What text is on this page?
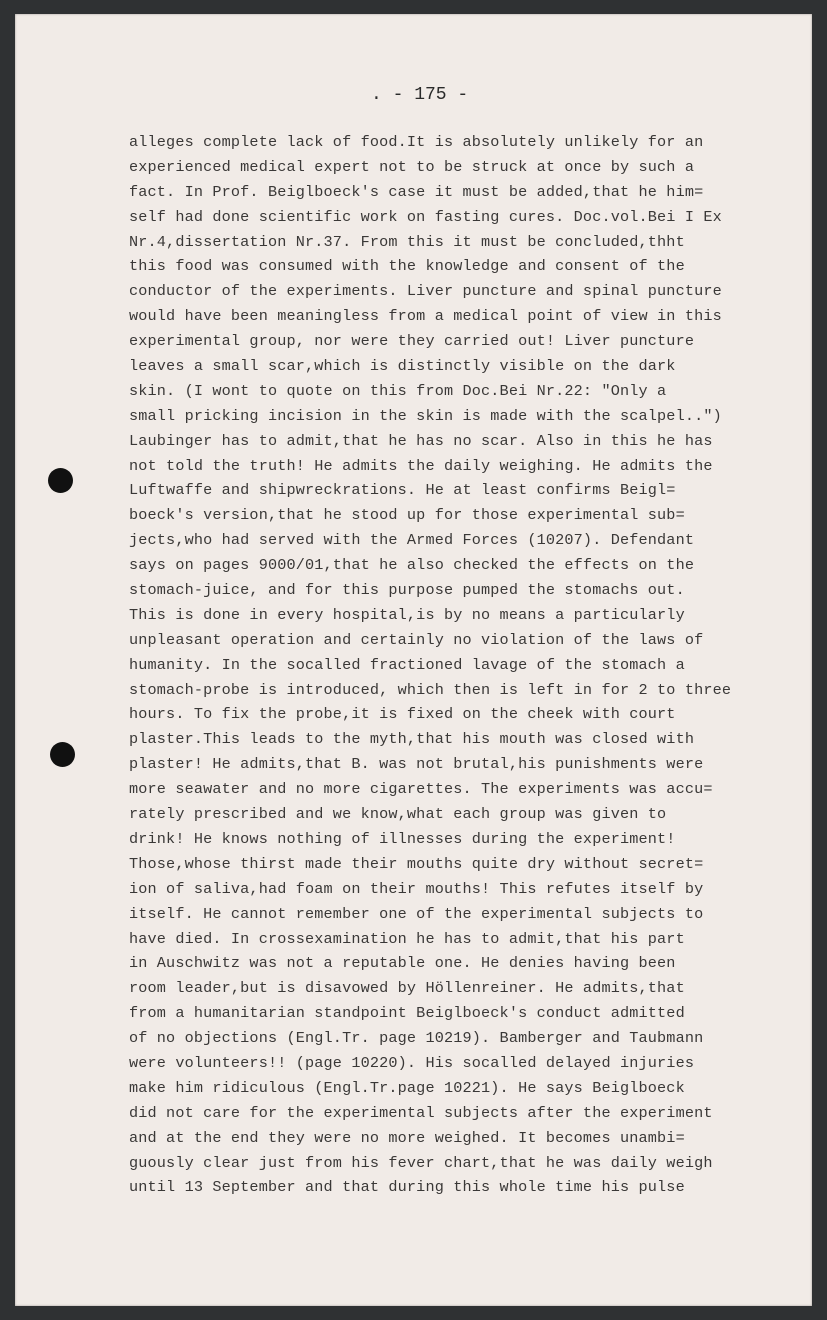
. - 175 -
alleges complete lack of food.It is absolutely unlikely for an
experienced medical expert not to be struck at once by such a
fact. In Prof. Beiglboeck's case it must be added,that he him=
self had done scientific work on fasting cures. Doc.vol.Bei I Ex
Nr.4,dissertation Nr.37. From this it must be concluded,thht
this food was consumed with the knowledge and consent of the
conductor of the experiments. Liver puncture and spinal puncture
would have been meaningless from a medical point of view in this
experimental group, nor were they carried out! Liver puncture
leaves a small scar,which is distinctly visible on the dark
skin. (I wont to quote on this from Doc.Bei Nr.22: "Only a
small pricking incision in the skin is made with the scalpel..")
Laubinger has to admit,that he has no scar. Also in this he has
not told the truth! He admits the daily weighing. He admits the
Luftwaffe and shipwreckrations. He at least confirms Beigl=
boeck's version,that he stood up for those experimental sub=
jects,who had served with the Armed Forces (10207). Defendant
says on pages 9000/01,that he also checked the effects on the
stomach-juice, and for this purpose pumped the stomachs out.
This is done in every hospital,is by no means a particularly
unpleasant operation and certainly no violation of the laws of
humanity. In the socalled fractioned lavage of the stomach a
stomach-probe is introduced, which then is left in for 2 to three
hours. To fix the probe,it is fixed on the cheek with court
plaster.This leads to the myth,that his mouth was closed with
plaster! He admits,that B. was not brutal,his punishments were
more seawater and no more cigarettes. The experiments was accu=
rately prescribed and we know,what each group was given to
drink! He knows nothing of illnesses during the experiment!
Those,whose thirst made their mouths quite dry without secret=
ion of saliva,had foam on their mouths! This refutes itself by
itself. He cannot remember one of the experimental subjects to
have died. In crossexamination he has to admit,that his part
in Auschwitz was not a reputable one. He denies having been
room leader,but is disavowed by Höllenreiner. He admits,that
from a humanitarian standpoint Beiglboeck's conduct admitted
of no objections (Engl.Tr. page 10219). Bamberger and Taubmann
were volunteers!! (page 10220). His socalled delayed injuries
make him ridiculous (Engl.Tr.page 10221). He says Beiglboeck
did not care for the experimental subjects after the experiment
and at the end they were no more weighed. It becomes unambi=
guously clear just from his fever chart,that he was daily weigh
until 13 September and that during this whole time his pulse
